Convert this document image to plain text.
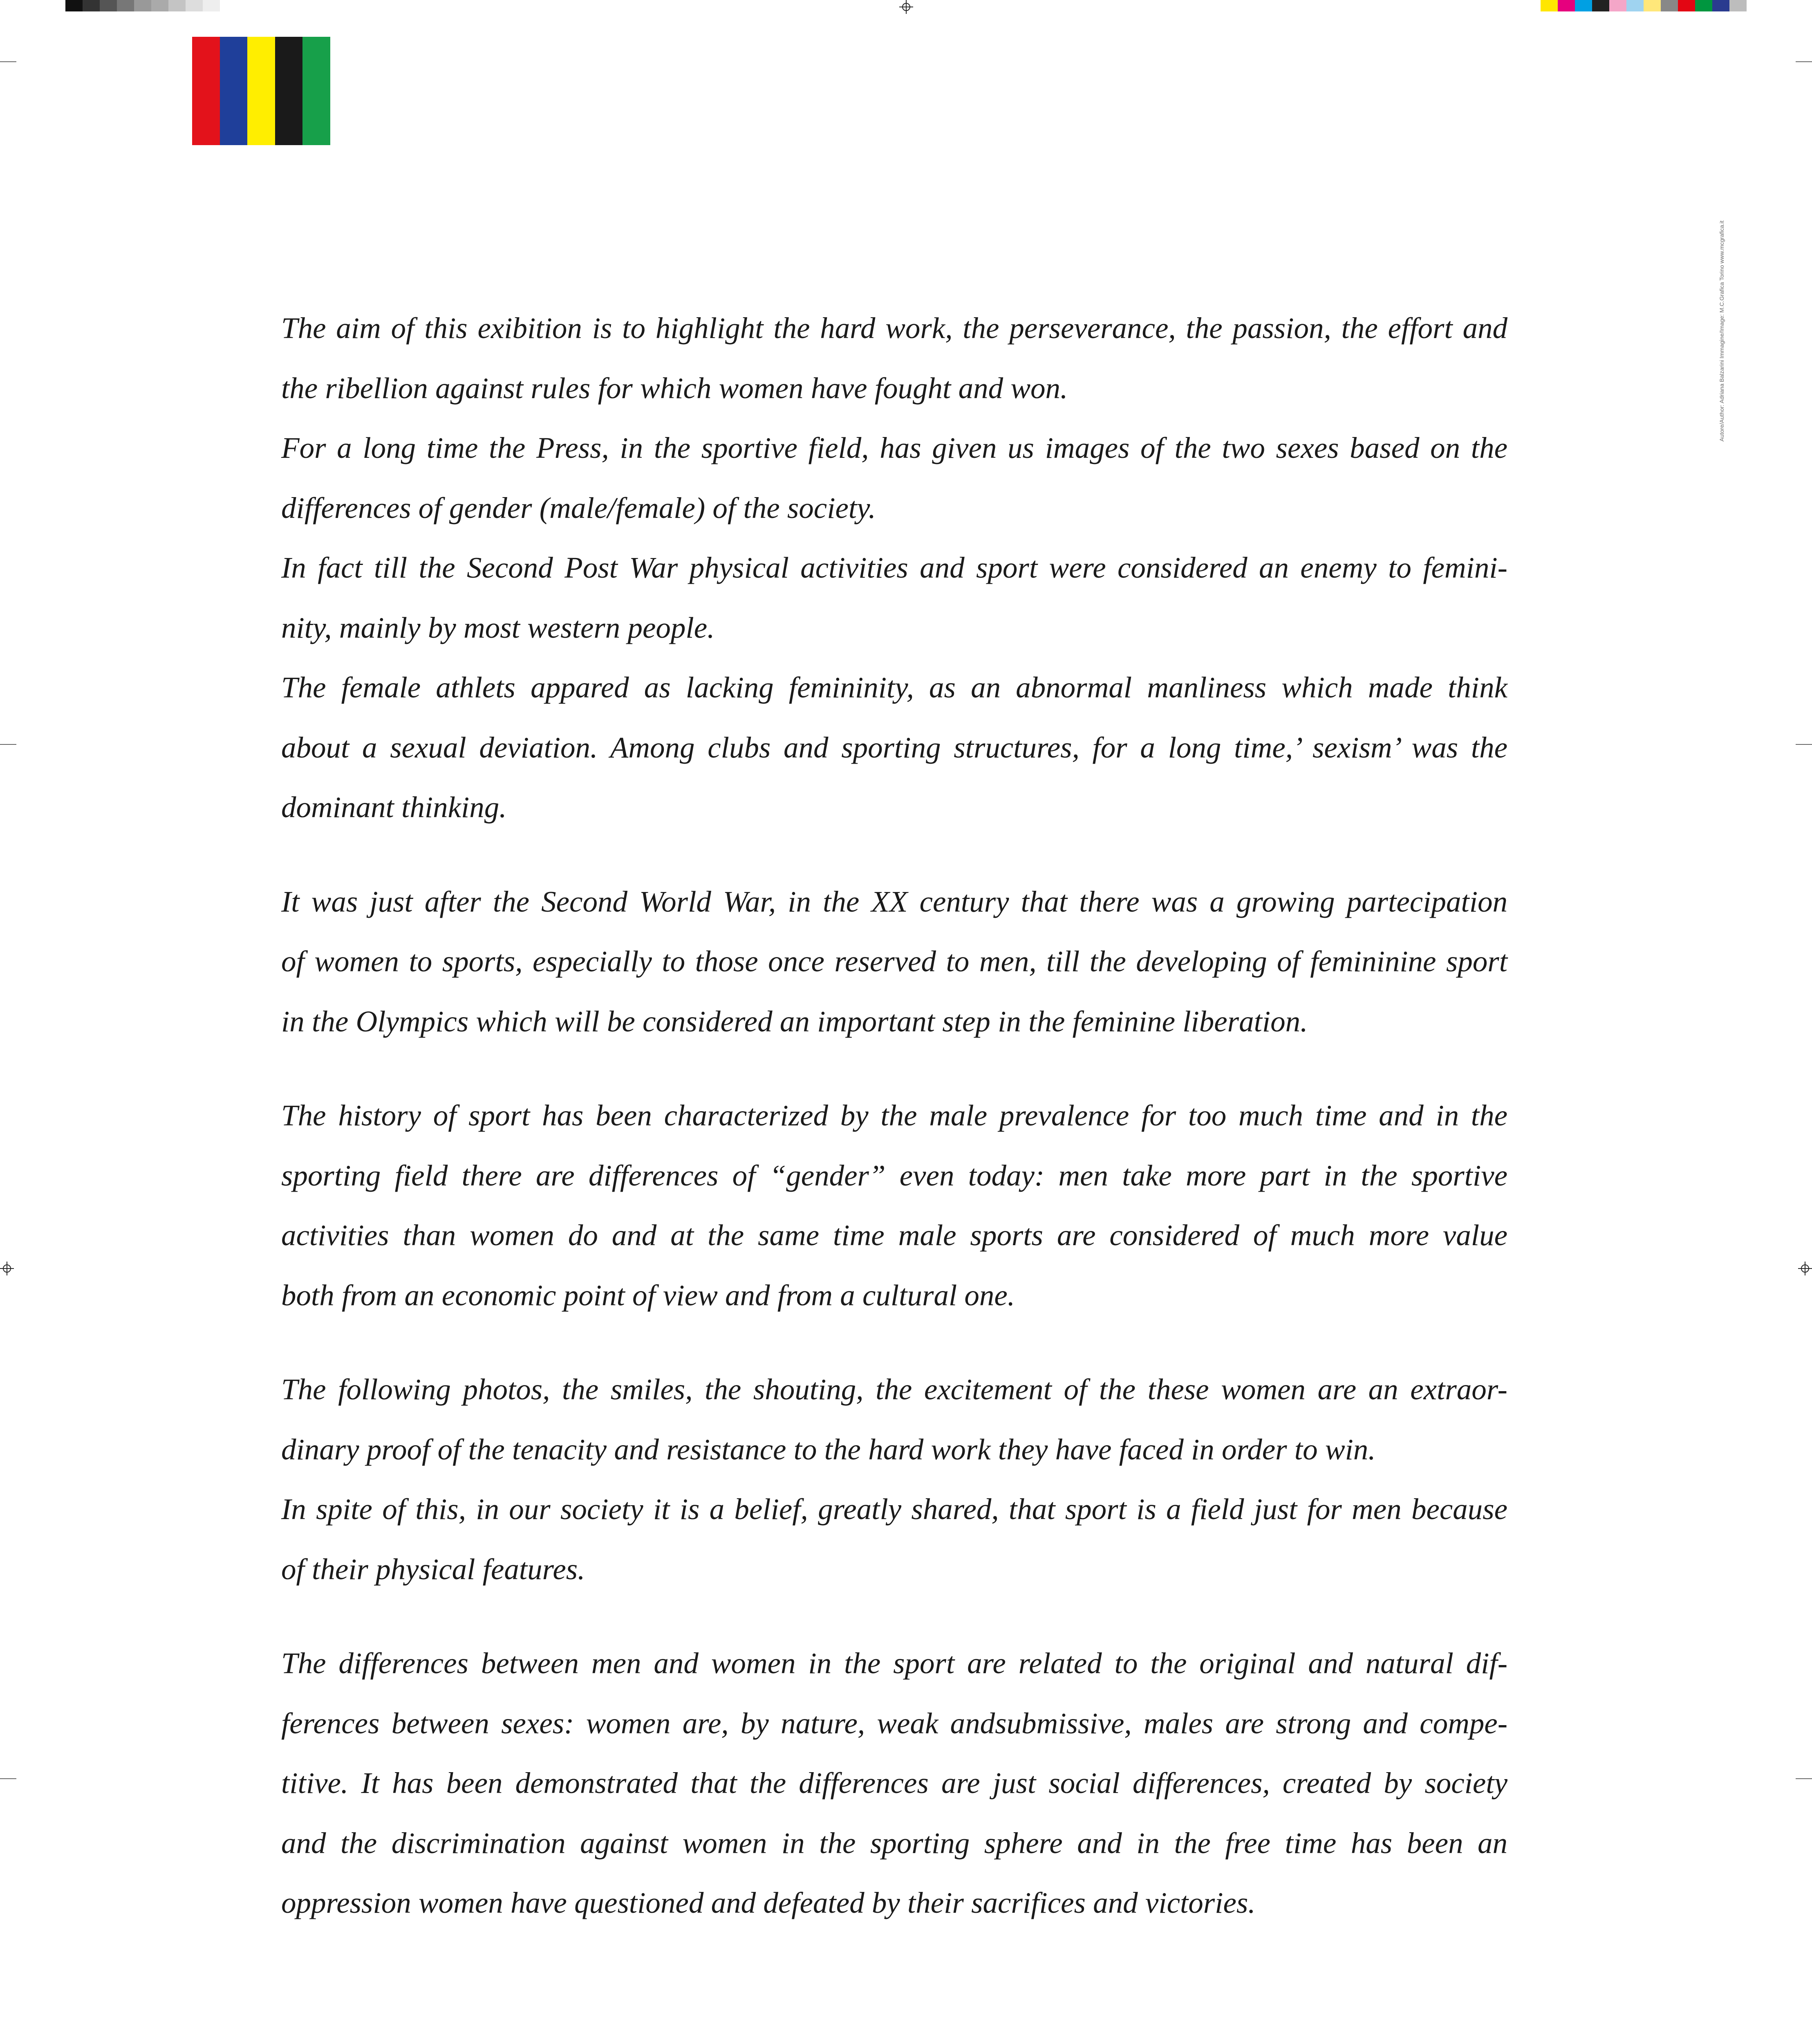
Autore/Author: Adriana Balzarini Immagine/Image: M.C.Grafica Torino www.mcgrafica.it

The aim of this exibition is to highlight the hard work, the perseverance, the passion, the effort and
the ribellion against rules for which women have fought and won.
For a long time the Press, in the sportive field, has given us images of the two sexes based on the
differences of gender (male/female) of the society.
In fact till the Second Post War physical activities and sport were considered an enemy to femini-
nity, mainly by most western people.
The female athlets appared as lacking femininity, as an abnormal manliness which made think
about a sexual deviation. Among clubs and sporting structures, for a long time,’ sexism’ was the
dominant thinking.

It was just after the Second World War, in the XX century that there was a growing partecipation
of women to sports, especially to those once reserved to men, till the developing of femininine sport
in the Olympics which will be considered an important step in the feminine liberation.

The history of sport has been characterized by the male prevalence for too much time and in the
sporting field there are differences of “gender” even today: men take more part in the sportive
activities than women do and at the same time male sports are considered of much more value
both from an economic point of view and from a cultural one.

The following photos, the smiles, the shouting, the excitement of the these women are an extraor-
dinary proof of the tenacity and resistance to the hard work they have faced in order to win.
In spite of this, in our society it is a belief, greatly shared, that sport is a field just for men because
of their physical features.

The differences between men and women in the sport are related to the original and natural dif-
ferences between sexes: women are, by nature, weak andsubmissive, males are strong and compe-
titive. It has been demonstrated that the differences are just social differences, created by society
and the discrimination against women in the sporting sphere and in the free time has been an
oppression women have questioned and defeated by their sacrifices and victories.
